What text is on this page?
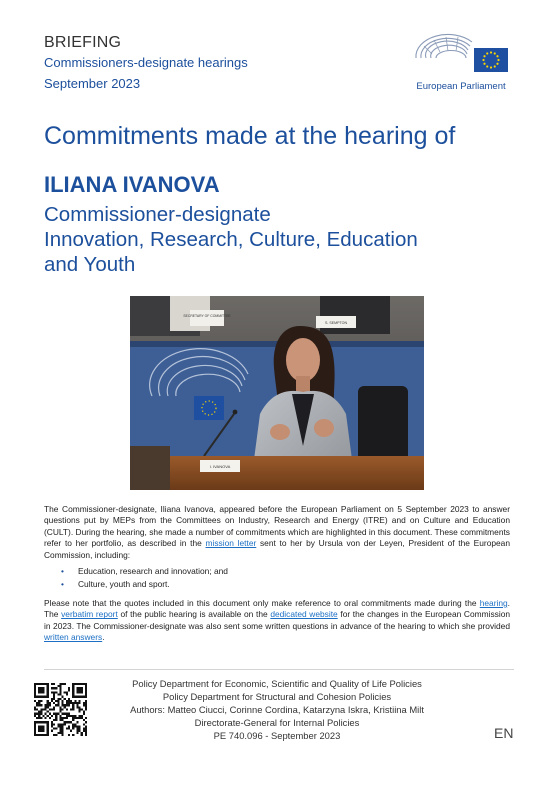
BRIEFING
Commissioners-designate hearings
September 2023	European Parliament
Commitments made at the hearing of
ILIANA IVANOVA
Commissioner-designate
Innovation, Research, Culture, Education
and Youth
SECRETARY OF COMMITTEE
S. SEMPTON
I. IVANOVA
The Commissioner-designate, Iliana Ivanova, appeared before the European Parliament on 5 September 2023 to answer questions put by MEPs from the Committees on Industry, Research and Energy (ITRE) and on Culture and Education (CULT). During the hearing, she made a number of commitments which are highlighted in this document. These commitments refer to her portfolio, as described in the mission letter sent to her by Ursula von der Leyen, President of the European Commission, including:
• Education, research and innovation; and
• Culture, youth and sport.
Please note that the quotes included in this document only make reference to oral commitments made during the hearing. The verbatim report of the public hearing is available on the dedicated website for the changes in the European Commission in 2023. The Commissioner-designate was also sent some written questions in advance of the hearing to which she provided written answers.
Policy Department for Economic, Scientific and Quality of Life Policies
Policy Department for Structural and Cohesion Policies
Authors: Matteo Ciucci, Corinne Cordina, Katarzyna Iskra, Kristiina Milt
Directorate-General for Internal Policies
PE 740.096 - September 2023	EN
